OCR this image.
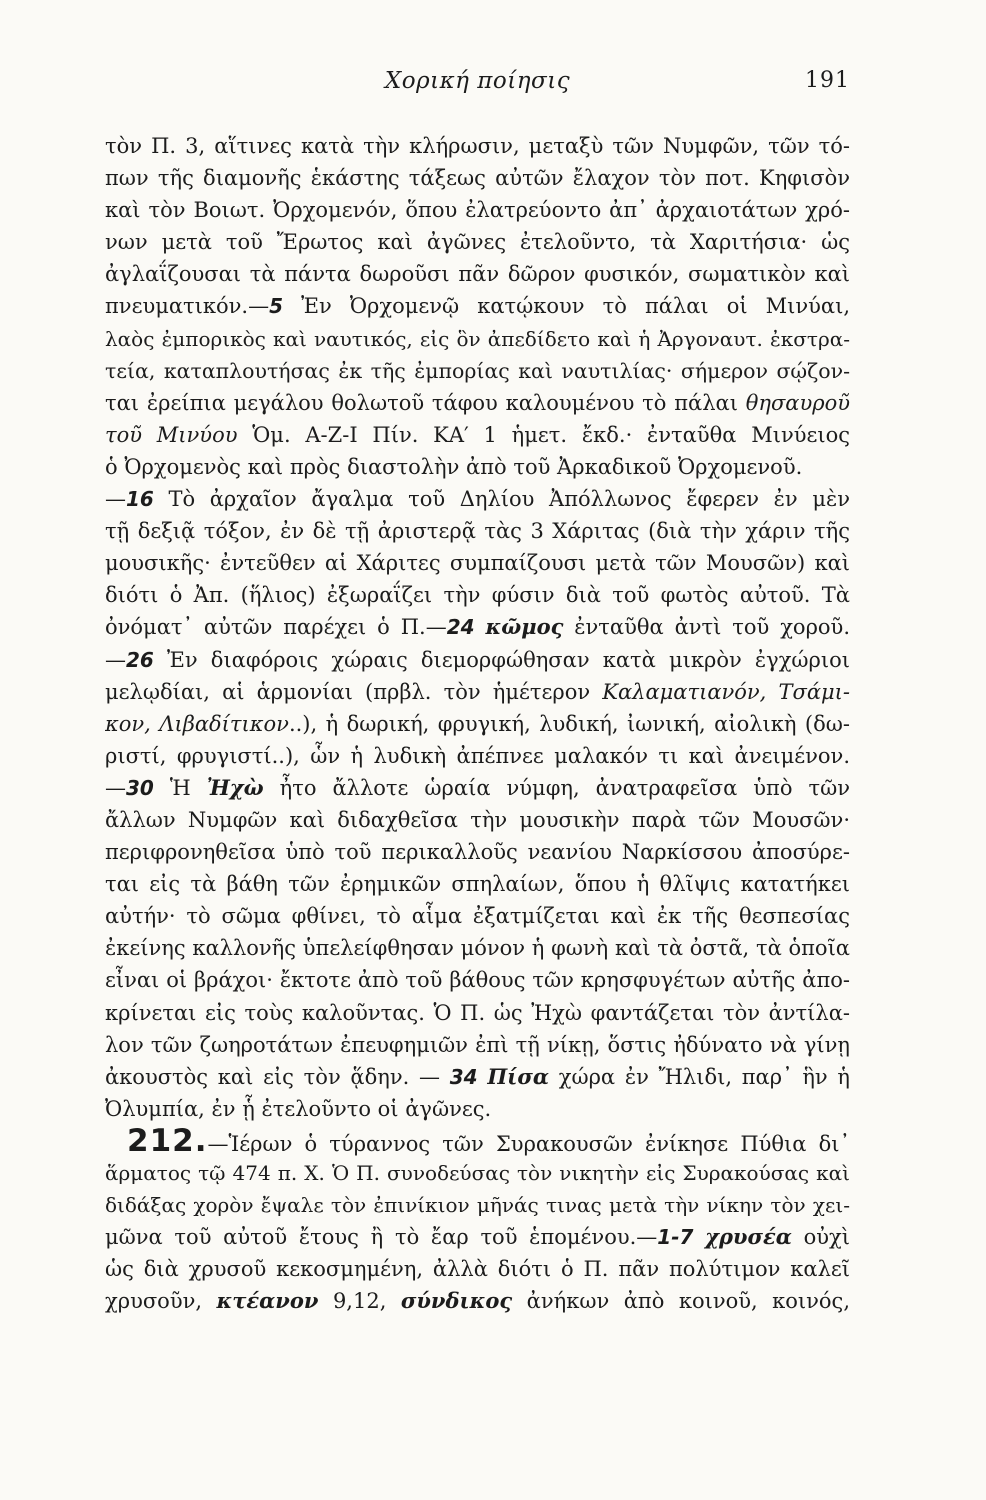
Χορική ποίησις	191
τὸν Π. 3, αἵτινες κατὰ τὴν κλήρωσιν, μεταξὺ τῶν Νυμφῶν, τῶν τό-
πων τῆς διαμονῆς ἑκάστης τάξεως αὐτῶν ἔλαχον τὸν ποτ. Κηφισὸν
καὶ τὸν Βοιωτ. Ὀρχομενόν, ὅπου ἐλατρεύοντο ἀπ᾽ ἀρχαιοτάτων χρό-
νων μετὰ τοῦ Ἔρωτος καὶ ἀγῶνες ἐτελοῦντο, τὰ Χαριτήσια· ὡς
ἀγλαΐζουσαι τὰ πάντα δωροῦσι πᾶν δῶρον φυσικόν, σωματικὸν καὶ
πνευματικόν.—5 Ἐν Ὀρχομενῷ κατῴκουν τὸ πάλαι οἱ Μινύαι,
λαὸς ἐμπορικὸς καὶ ναυτικός, εἰς ὃν ἀπεδίδετο καὶ ἡ Ἀργοναυτ. ἐκστρα-
τεία, καταπλουτήσας ἐκ τῆς ἐμπορίας καὶ ναυτιλίας· σήμερον σῴζον-
ται ἐρείπια μεγάλου θολωτοῦ τάφου καλουμένου τὸ πάλαι θησαυροῦ
τοῦ Μινύου Ὁμ. Α-Ζ-Ι Πίν. ΚΑ′ 1 ἡμετ. ἔκδ.· ἐνταῦθα Μινύειος
ὁ Ὀρχομενὸς καὶ πρὸς διαστολὴν ἀπὸ τοῦ Ἀρκαδικοῦ Ὀρχομενοῦ.
—16 Τὸ ἀρχαῖον ἄγαλμα τοῦ Δηλίου Ἀπόλλωνος ἔφερεν ἐν μὲν
τῇ δεξιᾷ τόξον, ἐν δὲ τῇ ἀριστερᾷ τὰς 3 Χάριτας (διὰ τὴν χάριν τῆς
μουσικῆς· ἐντεῦθεν αἱ Χάριτες συμπαίζουσι μετὰ τῶν Μουσῶν) καὶ
διότι ὁ Ἀπ. (ἥλιος) ἐξωραΐζει τὴν φύσιν διὰ τοῦ φωτὸς αὐτοῦ. Τὰ
ὀνόματ᾽ αὐτῶν παρέχει ὁ Π.—24 κῶμος ἐνταῦθα ἀντὶ τοῦ χοροῦ.
—26 Ἐν διαφόροις χώραις διεμορφώθησαν κατὰ μικρὸν ἐγχώριοι
μελῳδίαι, αἱ ἁρμονίαι (πρβλ. τὸν ἡμέτερον Καλαματιανόν, Τσάμι-
κον, Λιβαδίτικον..), ἡ δωρική, φρυγική, λυδική, ἰωνική, αἰολικὴ (δω-
ριστί, φρυγιστί..), ὧν ἡ λυδικὴ ἀπέπνεε μαλακόν τι καὶ ἀνειμένον.
—30 Ἡ Ἠχὼ ἦτο ἄλλοτε ὡραία νύμφη, ἀνατραφεῖσα ὑπὸ τῶν
ἄλλων Νυμφῶν καὶ διδαχθεῖσα τὴν μουσικὴν παρὰ τῶν Μουσῶν·
περιφρονηθεῖσα ὑπὸ τοῦ περικαλλοῦς νεανίου Ναρκίσσου ἀποσύρε-
ται εἰς τὰ βάθη τῶν ἐρημικῶν σπηλαίων, ὅπου ἡ θλῖψις κατατήκει
αὐτήν· τὸ σῶμα φθίνει, τὸ αἷμα ἐξατμίζεται καὶ ἐκ τῆς θεσπεσίας
ἐκείνης καλλονῆς ὑπελείφθησαν μόνον ἡ φωνὴ καὶ τὰ ὀστᾶ, τὰ ὁποῖα
εἶναι οἱ βράχοι· ἔκτοτε ἀπὸ τοῦ βάθους τῶν κρησφυγέτων αὐτῆς ἀπο-
κρίνεται εἰς τοὺς καλοῦντας. Ὁ Π. ὡς Ἠχὼ φαντάζεται τὸν ἀντίλα-
λον τῶν ζωηροτάτων ἐπευφημιῶν ἐπὶ τῇ νίκῃ, ὅστις ἠδύνατο νὰ γίνῃ
ἀκουστὸς καὶ εἰς τὸν ᾅδην. — 34 Πίσα χώρα ἐν Ἤλιδι, παρ᾽ ἣν ἡ
Ὀλυμπία, ἐν ᾗ ἐτελοῦντο οἱ ἀγῶνες.
212.—Ἱέρων ὁ τύραννος τῶν Συρακουσῶν ἐνίκησε Πύθια δι᾽
ἅρματος τῷ 474 π. Χ. Ὁ Π. συνοδεύσας τὸν νικητὴν εἰς Συρακούσας καὶ
διδάξας χορὸν ἔψαλε τὸν ἐπινίκιον μῆνάς τινας μετὰ τὴν νίκην τὸν χει-
μῶνα τοῦ αὐτοῦ ἔτους ἢ τὸ ἔαρ τοῦ ἑπομένου.—1-7 χρυσέα οὐχὶ
ὡς διὰ χρυσοῦ κεκοσμημένη, ἀλλὰ διότι ὁ Π. πᾶν πολύτιμον καλεῖ
χρυσοῦν, κτέανον 9,12, σύνδικος ἀνήκων ἀπὸ κοινοῦ, κοινός,
